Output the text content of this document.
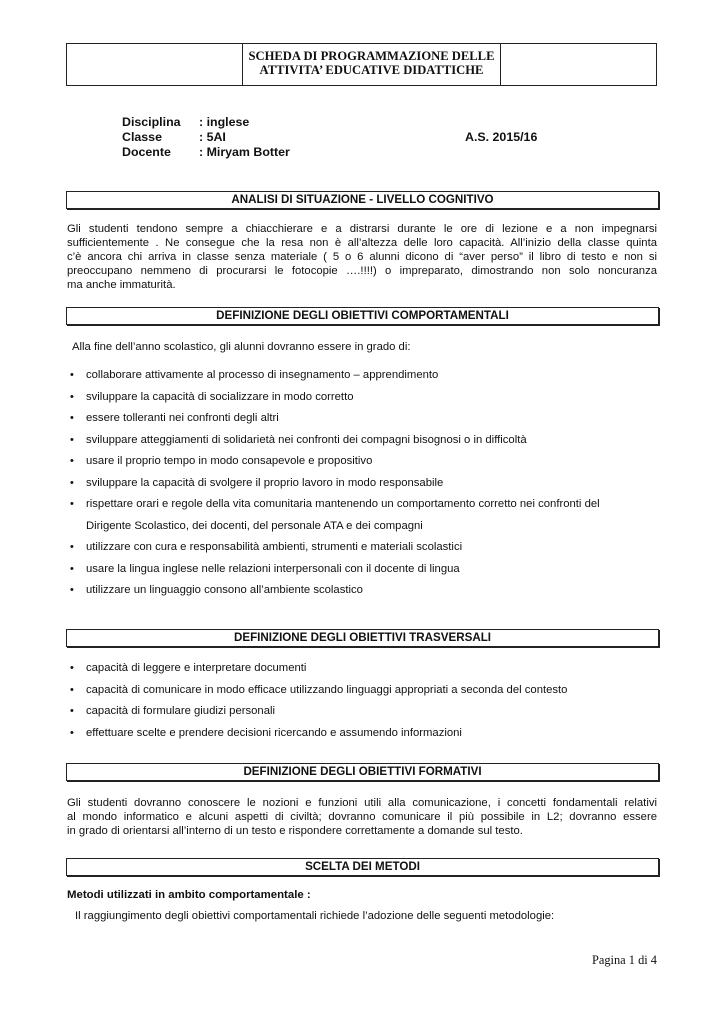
SCHEDA DI PROGRAMMAZIONE DELLE
ATTIVITA’ EDUCATIVE DIDATTICHE
Disciplina	: inglese
Classe	: 5AI
Docente	: Miryam Botter
A.S. 2015/16
ANALISI DI SITUAZIONE - LIVELLO COGNITIVO
Gli studenti tendono sempre a chiacchierare e a distrarsi durante le ore di lezione e a non impegnarsi
sufficientemente . Ne consegue che la resa non è all’altezza delle loro capacità. All’inizio della classe quinta
c’è ancora chi arriva in classe senza materiale ( 5 o 6 alunni dicono di “aver perso” il libro di testo e non si
preoccupano nemmeno di procurarsi le fotocopie ….!!!!) o impreparato, dimostrando non solo noncuranza
ma anche immaturità.
DEFINIZIONE DEGLI OBIETTIVI COMPORTAMENTALI
Alla fine dell’anno scolastico, gli alunni dovranno essere in grado di:
• collaborare attivamente al processo di insegnamento – apprendimento
• sviluppare la capacità di socializzare in modo corretto
• essere tolleranti nei confronti degli altri
• sviluppare atteggiamenti di solidarietà nei confronti dei compagni bisognosi o in difficoltà
• usare il proprio tempo in modo consapevole e propositivo
• sviluppare la capacità di svolgere il proprio lavoro in modo responsabile
• rispettare orari e regole della vita comunitaria mantenendo un comportamento corretto nei confronti del
Dirigente Scolastico, dei docenti, del personale ATA e dei compagni
• utilizzare con cura e responsabilità ambienti, strumenti e materiali scolastici
• usare la lingua inglese nelle relazioni interpersonali con il docente di lingua
• utilizzare un linguaggio consono all’ambiente scolastico
DEFINIZIONE DEGLI OBIETTIVI TRASVERSALI
• capacità di leggere e interpretare documenti
• capacità di comunicare in modo efficace utilizzando linguaggi appropriati a seconda del contesto
• capacità di formulare giudizi personali
• effettuare scelte e prendere decisioni ricercando e assumendo informazioni
DEFINIZIONE DEGLI OBIETTIVI FORMATIVI
Gli studenti dovranno conoscere le nozioni e funzioni utili alla comunicazione, i concetti fondamentali relativi
al mondo informatico e alcuni aspetti di civiltà; dovranno comunicare il più possibile in L2; dovranno essere
in grado di orientarsi all’interno di un testo e rispondere correttamente a domande sul testo.
SCELTA DEI METODI
Metodi utilizzati in ambito comportamentale :
Il raggiungimento degli obiettivi comportamentali richiede l’adozione delle seguenti metodologie:
Pagina 1 di 4
